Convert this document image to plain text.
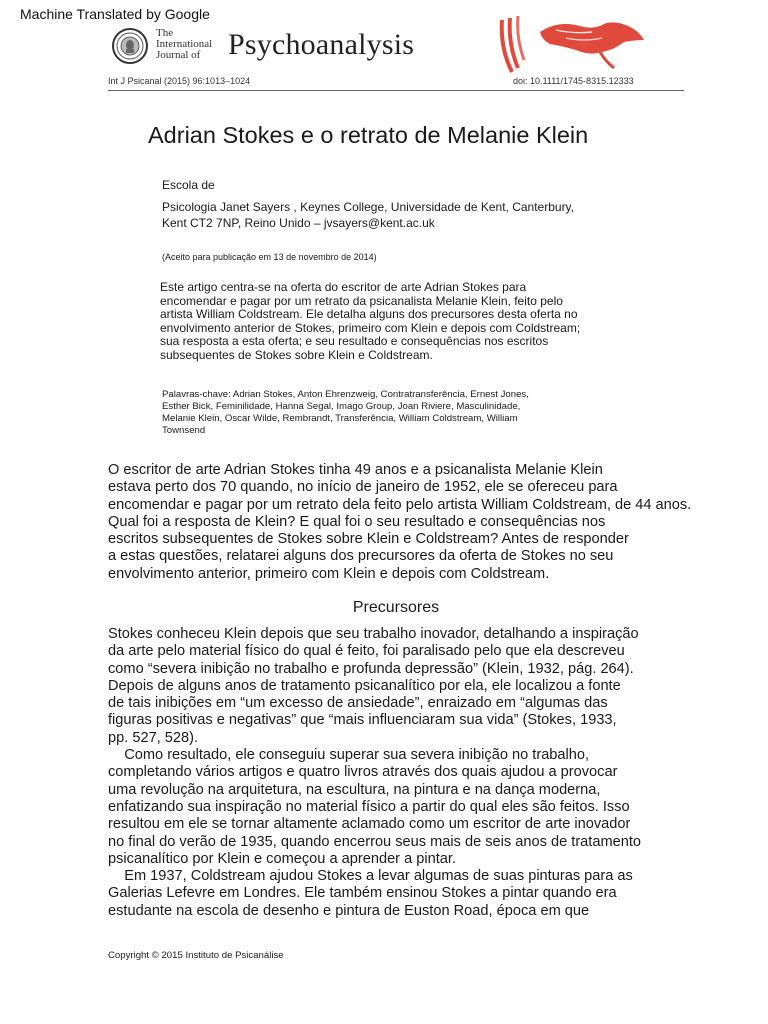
Machine Translated by Google
The
International
Journal of Psychoanalysis
Int J Psicanal (2015) 96:1013–1024	doi: 10.1111/1745-8315.12333
Adrian Stokes e o retrato de Melanie Klein
Escola de
Psicologia Janet Sayers , Keynes College, Universidade de Kent, Canterbury,
Kent CT2 7NP, Reino Unido – jvsayers@kent.ac.uk
(Aceito para publicação em 13 de novembro de 2014)
Este artigo centra-se na oferta do escritor de arte Adrian Stokes para
encomendar e pagar por um retrato da psicanalista Melanie Klein, feito pelo
artista William Coldstream. Ele detalha alguns dos precursores desta oferta no
envolvimento anterior de Stokes, primeiro com Klein e depois com Coldstream;
sua resposta a esta oferta; e seu resultado e consequências nos escritos
subsequentes de Stokes sobre Klein e Coldstream.
Palavras-chave: Adrian Stokes, Anton Ehrenzweig, Contratransferência, Ernest Jones,
Esther Bick, Feminilidade, Hanna Segal, Imago Group, Joan Riviere, Masculinidade,
Melanie Klein, Oscar Wilde, Rembrandt, Transferência, William Coldstream, William
Townsend
O escritor de arte Adrian Stokes tinha 49 anos e a psicanalista Melanie Klein
estava perto dos 70 quando, no início de janeiro de 1952, ele se ofereceu para
encomendar e pagar por um retrato dela feito pelo artista William Coldstream, de 44 anos.
Qual foi a resposta de Klein? E qual foi o seu resultado e consequências nos
escritos subsequentes de Stokes sobre Klein e Coldstream? Antes de responder
a estas questões, relatarei alguns dos precursores da oferta de Stokes no seu
envolvimento anterior, primeiro com Klein e depois com Coldstream.
Precursores
Stokes conheceu Klein depois que seu trabalho inovador, detalhando a inspiração
da arte pelo material físico do qual é feito, foi paralisado pelo que ela descreveu
como “severa inibição no trabalho e profunda depressão” (Klein, 1932, pág. 264).
Depois de alguns anos de tratamento psicanalítico por ela, ele localizou a fonte
de tais inibições em “um excesso de ansiedade”, enraizado em “algumas das
figuras positivas e negativas” que “mais influenciaram sua vida” (Stokes, 1933,
pp. 527, 528).
Como resultado, ele conseguiu superar sua severa inibição no trabalho,
completando vários artigos e quatro livros através dos quais ajudou a provocar
uma revolução na arquitetura, na escultura, na pintura e na dança moderna,
enfatizando sua inspiração no material físico a partir do qual eles são feitos. Isso
resultou em ele se tornar altamente aclamado como um escritor de arte inovador
no final do verão de 1935, quando encerrou seus mais de seis anos de tratamento
psicanalítico por Klein e começou a aprender a pintar.
Em 1937, Coldstream ajudou Stokes a levar algumas de suas pinturas para as
Galerias Lefevre em Londres. Ele também ensinou Stokes a pintar quando era
estudante na escola de desenho e pintura de Euston Road, época em que
Copyright © 2015 Instituto de Psicanálise
